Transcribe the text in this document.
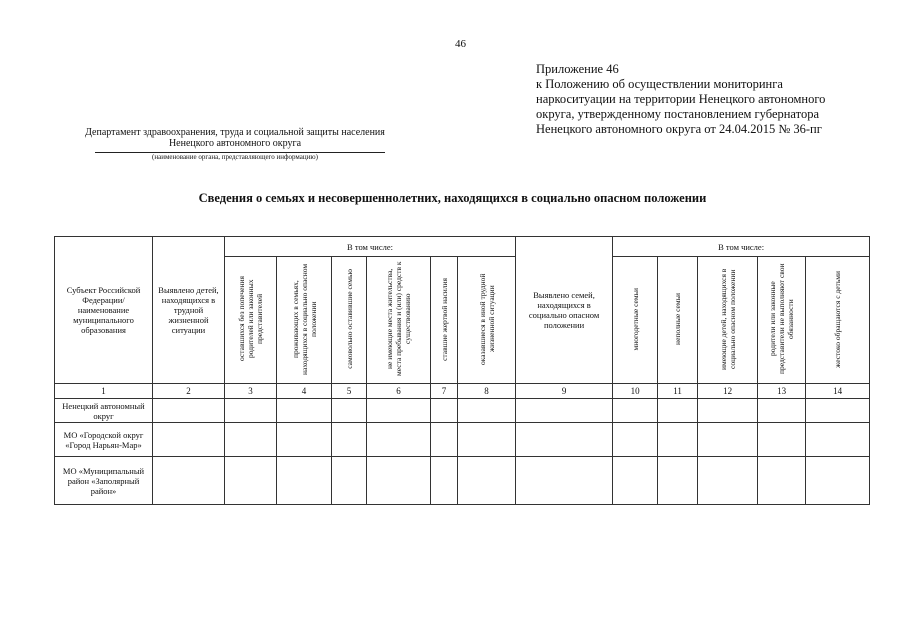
46
Приложение 46
к Положению об осуществлении мониторинга
наркоситуации на территории Ненецкого автономного
округа, утвержденному постановлением губернатора
Ненецкого автономного округа от 24.04.2015 № 36-пг
Департамент здравоохранения, труда и социальной защиты населения
Ненецкого автономного округа
(наименование органа, представляющего информацию)
Сведения о семьях и несовершеннолетних, находящихся в социально опасном положении
Субъект Российской Федерации/ наименование муниципального образования	Выявлено детей, находящихся в трудной жизненной ситуации	В том числе:						Выявлено семей, находящихся в социально опасном положении	В том числе:				
		оставшихся без попечения родителей или законных представителей	проживающих в семьях, находящихся в социально опасном положении	самовольно оставившие семью	не имеющие места жительства, места пребывания и (или) средств к существованию	ставшие жертвой насилия	оказавшиеся в иной трудной жизненной ситуации		многодетные семьи	неполные семьи	имеющие детей, находящихся в социально опасном положении	родители или законные представители не выполняют свои обязанности	жестоко обращаются с детьми
1	2	3	4	5	6	7	8	9	10	11	12	13	14
Ненецкий автономный округ													
МО «Городской округ «Город Нарьян-Мар»													
МО «Муниципальный район «Заполярный район»													
